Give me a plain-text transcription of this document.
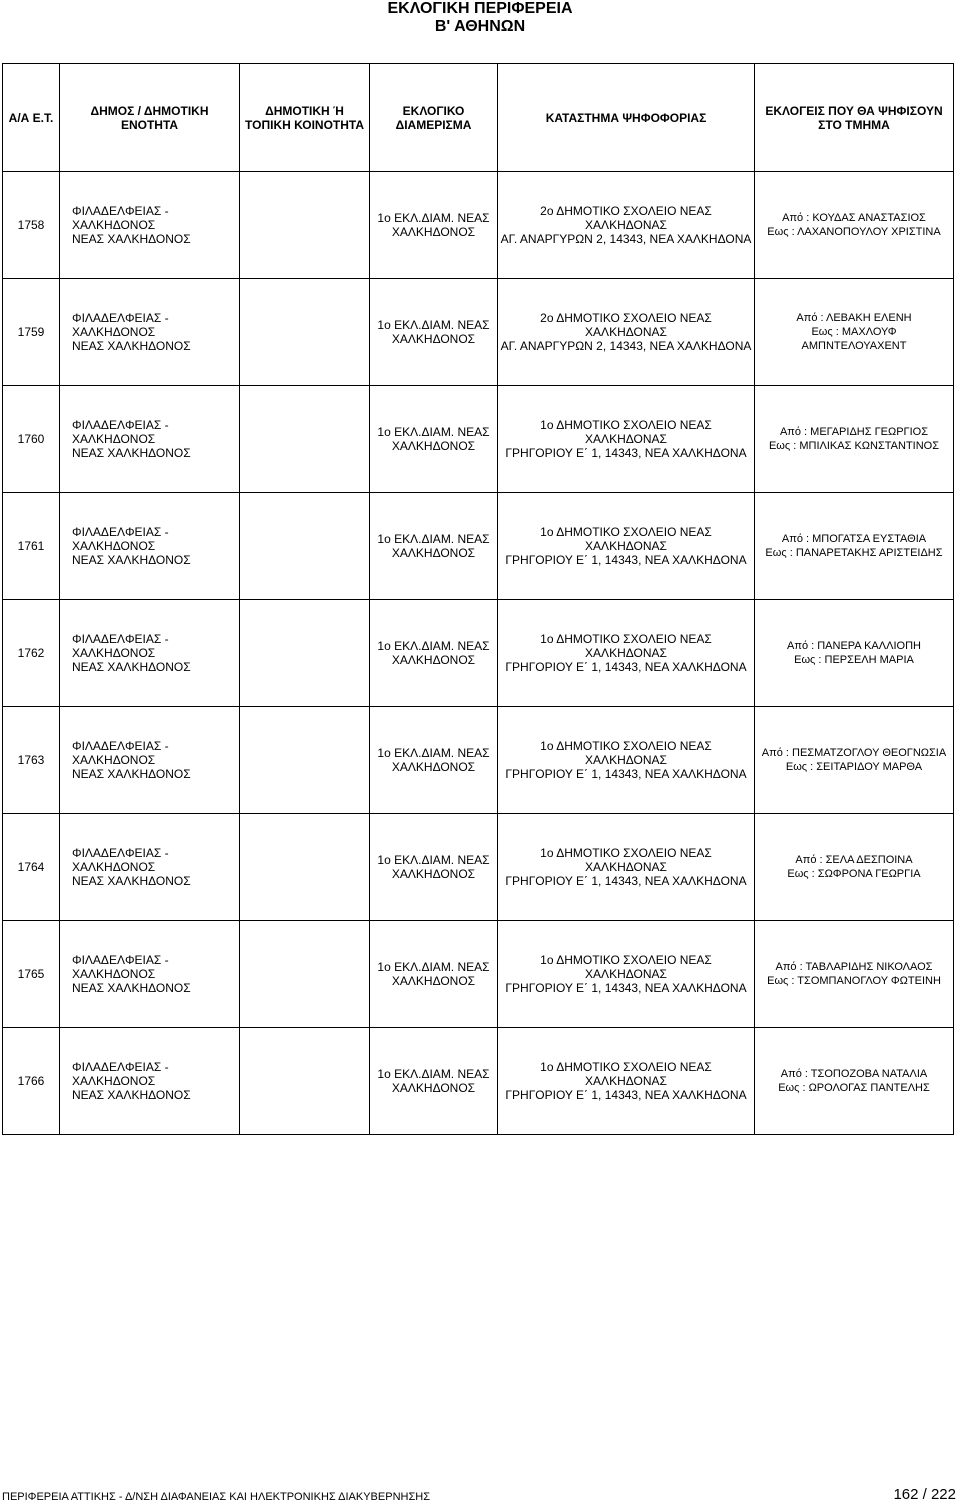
ΕΚΛΟΓΙΚΗ ΠΕΡΙΦΕΡΕΙΑ
Β' ΑΘΗΝΩΝ
Α/Α Ε.Τ.	ΔΗΜΟΣ / ΔΗΜΟΤΙΚΗ ΕΝΟΤΗΤΑ	ΔΗΜΟΤΙΚΗ Ή ΤΟΠΙΚΗ ΚΟΙΝΟΤΗΤΑ	ΕΚΛΟΓΙΚΟ ΔΙΑΜΕΡΙΣΜΑ	ΚΑΤΑΣΤΗΜΑ ΨΗΦΟΦΟΡΙΑΣ	ΕΚΛΟΓΕΙΣ ΠΟΥ ΘΑ ΨΗΦΙΣΟΥΝ ΣΤΟ ΤΜΗΜΑ
1758	ΦΙΛΑΔΕΛΦΕΙΑΣ -
ΧΑΛΚΗΔΟΝΟΣ
ΝΕΑΣ ΧΑΛΚΗΔΟΝΟΣ		1ο ΕΚΛ.ΔΙΑΜ. ΝΕΑΣ
ΧΑΛΚΗΔΟΝΟΣ	2ο ΔΗΜΟΤΙΚΟ ΣΧΟΛΕΙΟ ΝΕΑΣ
ΧΑΛΚΗΔΟΝΑΣ
ΑΓ. ΑΝΑΡΓΥΡΩΝ 2, 14343, ΝΕΑ ΧΑΛΚΗΔΟΝΑ	Από : ΚΟΥΔΑΣ ΑΝΑΣΤΑΣΙΟΣ
Εως : ΛΑΧΑΝΟΠΟΥΛΟΥ ΧΡΙΣΤΙΝΑ

1759	ΦΙΛΑΔΕΛΦΕΙΑΣ -
ΧΑΛΚΗΔΟΝΟΣ
ΝΕΑΣ ΧΑΛΚΗΔΟΝΟΣ		1ο ΕΚΛ.ΔΙΑΜ. ΝΕΑΣ
ΧΑΛΚΗΔΟΝΟΣ	2ο ΔΗΜΟΤΙΚΟ ΣΧΟΛΕΙΟ ΝΕΑΣ
ΧΑΛΚΗΔΟΝΑΣ
ΑΓ. ΑΝΑΡΓΥΡΩΝ 2, 14343, ΝΕΑ ΧΑΛΚΗΔΟΝΑ	Από : ΛΕΒΑΚΗ ΕΛΕΝΗ
Εως : ΜΑΧΛΟΥΦ
ΑΜΠΝΤΕΛΟΥΑΧΕΝΤ

1760	ΦΙΛΑΔΕΛΦΕΙΑΣ -
ΧΑΛΚΗΔΟΝΟΣ
ΝΕΑΣ ΧΑΛΚΗΔΟΝΟΣ		1ο ΕΚΛ.ΔΙΑΜ. ΝΕΑΣ
ΧΑΛΚΗΔΟΝΟΣ	1ο ΔΗΜΟΤΙΚΟ ΣΧΟΛΕΙΟ ΝΕΑΣ
ΧΑΛΚΗΔΟΝΑΣ
ΓΡΗΓΟΡΙΟΥ Ε΄ 1, 14343, ΝΕΑ ΧΑΛΚΗΔΟΝΑ	Από : ΜΕΓΑΡΙΔΗΣ ΓΕΩΡΓΙΟΣ
Εως : ΜΠΙΛΙΚΑΣ ΚΩΝΣΤΑΝΤΙΝΟΣ

1761	ΦΙΛΑΔΕΛΦΕΙΑΣ -
ΧΑΛΚΗΔΟΝΟΣ
ΝΕΑΣ ΧΑΛΚΗΔΟΝΟΣ		1ο ΕΚΛ.ΔΙΑΜ. ΝΕΑΣ
ΧΑΛΚΗΔΟΝΟΣ	1ο ΔΗΜΟΤΙΚΟ ΣΧΟΛΕΙΟ ΝΕΑΣ
ΧΑΛΚΗΔΟΝΑΣ
ΓΡΗΓΟΡΙΟΥ Ε΄ 1, 14343, ΝΕΑ ΧΑΛΚΗΔΟΝΑ	Από : ΜΠΟΓΑΤΣΑ ΕΥΣΤΑΘΙΑ
Εως : ΠΑΝΑΡΕΤΑΚΗΣ ΑΡΙΣΤΕΙΔΗΣ

1762	ΦΙΛΑΔΕΛΦΕΙΑΣ -
ΧΑΛΚΗΔΟΝΟΣ
ΝΕΑΣ ΧΑΛΚΗΔΟΝΟΣ		1ο ΕΚΛ.ΔΙΑΜ. ΝΕΑΣ
ΧΑΛΚΗΔΟΝΟΣ	1ο ΔΗΜΟΤΙΚΟ ΣΧΟΛΕΙΟ ΝΕΑΣ
ΧΑΛΚΗΔΟΝΑΣ
ΓΡΗΓΟΡΙΟΥ Ε΄ 1, 14343, ΝΕΑ ΧΑΛΚΗΔΟΝΑ	Από : ΠΑΝΕΡΑ ΚΑΛΛΙΟΠΗ
Εως : ΠΕΡΣΕΛΗ ΜΑΡΙΑ

1763	ΦΙΛΑΔΕΛΦΕΙΑΣ -
ΧΑΛΚΗΔΟΝΟΣ
ΝΕΑΣ ΧΑΛΚΗΔΟΝΟΣ		1ο ΕΚΛ.ΔΙΑΜ. ΝΕΑΣ
ΧΑΛΚΗΔΟΝΟΣ	1ο ΔΗΜΟΤΙΚΟ ΣΧΟΛΕΙΟ ΝΕΑΣ
ΧΑΛΚΗΔΟΝΑΣ
ΓΡΗΓΟΡΙΟΥ Ε΄ 1, 14343, ΝΕΑ ΧΑΛΚΗΔΟΝΑ	Από : ΠΕΣΜΑΤΖΟΓΛΟΥ ΘΕΟΓΝΩΣΙΑ
Εως : ΣΕΙΤΑΡΙΔΟΥ ΜΑΡΘΑ

1764	ΦΙΛΑΔΕΛΦΕΙΑΣ -
ΧΑΛΚΗΔΟΝΟΣ
ΝΕΑΣ ΧΑΛΚΗΔΟΝΟΣ		1ο ΕΚΛ.ΔΙΑΜ. ΝΕΑΣ
ΧΑΛΚΗΔΟΝΟΣ	1ο ΔΗΜΟΤΙΚΟ ΣΧΟΛΕΙΟ ΝΕΑΣ
ΧΑΛΚΗΔΟΝΑΣ
ΓΡΗΓΟΡΙΟΥ Ε΄ 1, 14343, ΝΕΑ ΧΑΛΚΗΔΟΝΑ	Από : ΣΕΛΑ ΔΕΣΠΟΙΝΑ
Εως : ΣΩΦΡΟΝΑ ΓΕΩΡΓΙΑ

1765	ΦΙΛΑΔΕΛΦΕΙΑΣ -
ΧΑΛΚΗΔΟΝΟΣ
ΝΕΑΣ ΧΑΛΚΗΔΟΝΟΣ		1ο ΕΚΛ.ΔΙΑΜ. ΝΕΑΣ
ΧΑΛΚΗΔΟΝΟΣ	1ο ΔΗΜΟΤΙΚΟ ΣΧΟΛΕΙΟ ΝΕΑΣ
ΧΑΛΚΗΔΟΝΑΣ
ΓΡΗΓΟΡΙΟΥ Ε΄ 1, 14343, ΝΕΑ ΧΑΛΚΗΔΟΝΑ	Από : ΤΑΒΛΑΡΙΔΗΣ ΝΙΚΟΛΑΟΣ
Εως : ΤΣΟΜΠΑΝΟΓΛΟΥ ΦΩΤΕΙΝΗ

1766	ΦΙΛΑΔΕΛΦΕΙΑΣ -
ΧΑΛΚΗΔΟΝΟΣ
ΝΕΑΣ ΧΑΛΚΗΔΟΝΟΣ		1ο ΕΚΛ.ΔΙΑΜ. ΝΕΑΣ
ΧΑΛΚΗΔΟΝΟΣ	1ο ΔΗΜΟΤΙΚΟ ΣΧΟΛΕΙΟ ΝΕΑΣ
ΧΑΛΚΗΔΟΝΑΣ
ΓΡΗΓΟΡΙΟΥ Ε΄ 1, 14343, ΝΕΑ ΧΑΛΚΗΔΟΝΑ	Από : ΤΣΟΠΟΖΟΒΑ ΝΑΤΑΛΙΑ
Εως : ΩΡΟΛΟΓΑΣ ΠΑΝΤΕΛΗΣ
ΠΕΡΙΦΕΡΕΙΑ ΑΤΤΙΚΗΣ - Δ/ΝΣΗ ΔΙΑΦΑΝΕΙΑΣ ΚΑΙ ΗΛΕΚΤΡΟΝΙΚΗΣ ΔΙΑΚΥΒΕΡΝΗΣΗΣ	162 / 222
